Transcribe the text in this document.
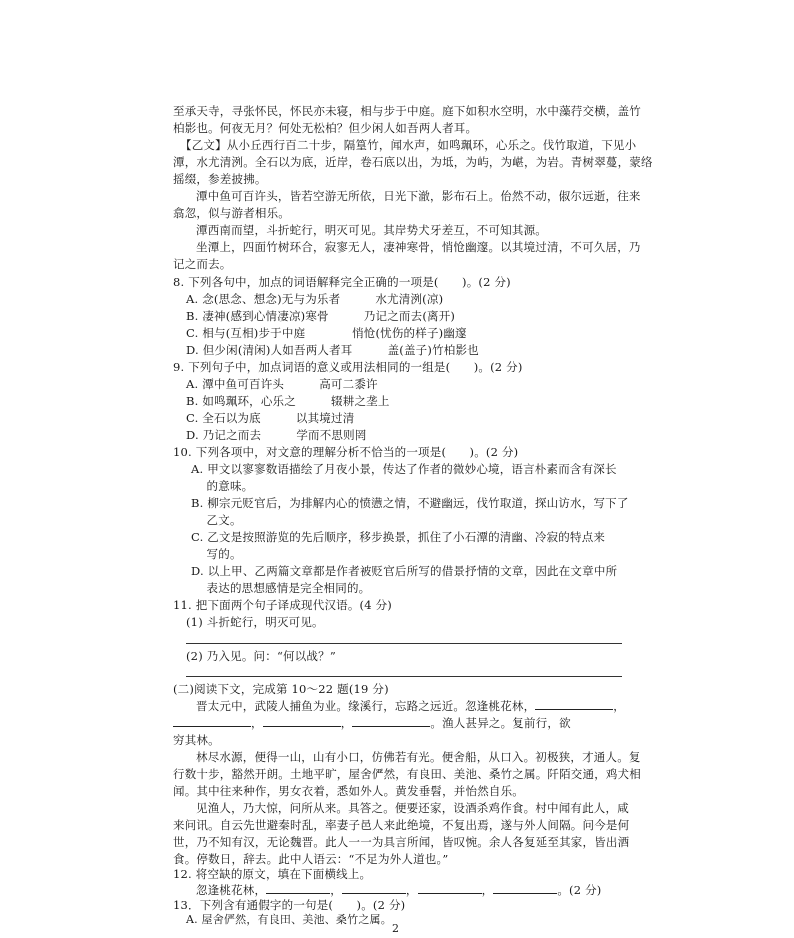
至承天寺，寻张怀民，怀民亦未寝，相与步于中庭。庭下如积水空明，水中藻荇交横，盖竹
柏影也。何夜无月？何处无松柏？但少闲人如吾两人者耳。
【乙文】从小丘西行百二十步，隔篁竹，闻水声，如鸣珮环，心乐之。伐竹取道，下见小
潭，水尤清洌。全石以为底，近岸，卷石底以出，为坻，为屿，为嵁，为岩。青树翠蔓，蒙络
摇缀，参差披拂。
潭中鱼可百许头，皆若空游无所依，日光下澈，影布石上。佁然不动，俶尔远逝，往来
翕忽，似与游者相乐。
潭西南而望，斗折蛇行，明灭可见。其岸势犬牙差互，不可知其源。
坐潭上，四面竹树环合，寂寥无人，凄神寒骨，悄怆幽邃。以其境过清，不可久居，乃
记之而去。
8. 下列各句中，加点的词语解释完全正确的一项是(　　)。(2 分)
A. 念(思念、想念)无与为乐者　　　水尤清洌(凉)
B. 凄神(感到心情凄凉)寒骨　　　乃记之而去(离开)
C. 相与(互相)步于中庭　　　　悄怆(忧伤的样子)幽邃
D. 但少闲(清闲)人如吾两人者耳　　　盖(盖子)竹柏影也
9. 下列句子中，加点词语的意义或用法相同的一组是(　　)。(2 分)
A. 潭中鱼可百许头　　　高可二黍许
B. 如鸣珮环，心乐之　　　辍耕之垄上
C. 全石以为底　　　以其境过清
D. 乃记之而去　　　学而不思则罔
10. 下列各项中，对文意的理解分析不恰当的一项是(　　)。(2 分)
A. 甲文以寥寥数语描绘了月夜小景，传达了作者的微妙心境，语言朴素而含有深长
　 的意味。
B. 柳宗元贬官后，为排解内心的愤懑之情，不避幽远，伐竹取道，探山访水，写下了
　 乙文。
C. 乙文是按照游览的先后顺序，移步换景，抓住了小石潭的清幽、冷寂的特点来
　 写的。
D. 以上甲、乙两篇文章都是作者被贬官后所写的借景抒情的文章，因此在文章中所
　 表达的思想感情是完全相同的。
11. 把下面两个句子译成现代汉语。(4 分)
(1) 斗折蛇行，明灭可见。
(2) 乃入见。问：“何以战？”
(二)阅读下文，完成第 10～22 题(19 分)
晋太元中，武陵人捕鱼为业。缘溪行，忘路之远近。忽逢桃花林，	，
，	，	。渔人甚异之。复前行，欲
穷其林。
林尽水源，便得一山，山有小口，仿佛若有光。便舍船，从口入。初极狭，才通人。复
行数十步，豁然开朗。土地平旷，屋舍俨然，有良田、美池、桑竹之属。阡陌交通，鸡犬相
闻。其中往来种作，男女衣着，悉如外人。黄发垂髫，并怡然自乐。
见渔人，乃大惊，问所从来。具答之。便要还家，设酒杀鸡作食。村中闻有此人，咸
来问讯。自云先世避秦时乱，率妻子邑人来此绝境，不复出焉，遂与外人间隔。问今是何
世，乃不知有汉，无论魏晋。此人一一为具言所闻，皆叹惋。余人各复延至其家，皆出酒
食。停数日，辞去。此中人语云：“不足为外人道也。”
12. 将空缺的原文，填在下面横线上。
忽逢桃花林，	，	，	，	。(2 分)
13．下列含有通假字的一句是(　　)。(2 分)
A. 屋舍俨然，有良田、美池、桑竹之属。
2
